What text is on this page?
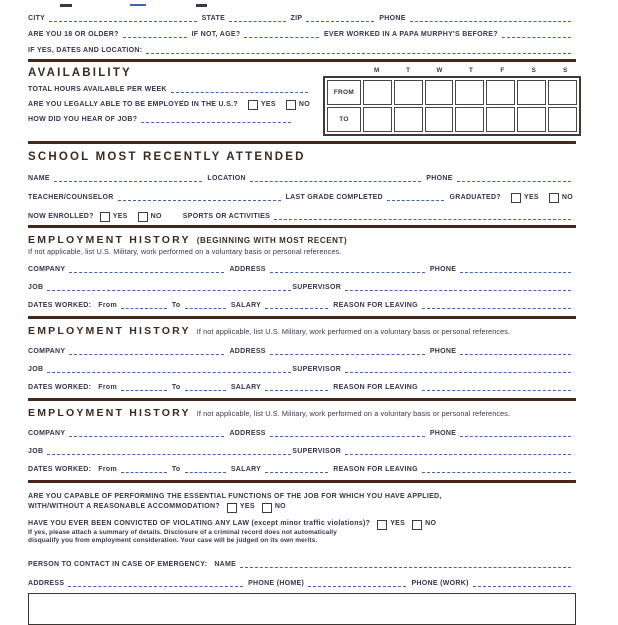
CITY	STATE	ZIP	PHONE
ARE YOU 18 OR OLDER?	IF NOT, AGE?	EVER WORKED IN A PAPA MURPHY'S BEFORE?
IF YES, DATES AND LOCATION:
AVAILABILITY
TOTAL HOURS AVAILABLE PER WEEK
ARE YOU LEGALLY ABLE TO BE EMPLOYED IN THE U.S.?	YES	NO
HOW DID YOU HEAR OF JOB?
M	T	W	T	F	S	S
FROM							
TO							
SCHOOL MOST RECENTLY ATTENDED
NAME	LOCATION	PHONE
TEACHER/COUNSELOR	LAST GRADE COMPLETED	GRADUATED?	YES	NO
NOW ENROLLED?	YES	NO	SPORTS OR ACTIVITIES
EMPLOYMENT HISTORY (BEGINNING WITH MOST RECENT)
If not applicable, list U.S. Military, work performed on a voluntary basis or personal references.
COMPANY	ADDRESS	PHONE
JOB	SUPERVISOR
DATES WORKED:	From	To	SALARY	REASON FOR LEAVING
EMPLOYMENT HISTORY If not applicable, list U.S. Military, work performed on a voluntary basis or personal references.
COMPANY	ADDRESS	PHONE
JOB	SUPERVISOR
DATES WORKED:	From	To	SALARY	REASON FOR LEAVING
EMPLOYMENT HISTORY If not applicable, list U.S. Military, work performed on a voluntary basis or personal references.
COMPANY	ADDRESS	PHONE
JOB	SUPERVISOR
DATES WORKED:	From	To	SALARY	REASON FOR LEAVING
ARE YOU CAPABLE OF PERFORMING THE ESSENTIAL FUNCTIONS OF THE JOB FOR WHICH YOU HAVE APPLIED,
WITH/WITHOUT A REASONABLE ACCOMMODATION?	YES	NO
HAVE YOU EVER BEEN CONVICTED OF VIOLATING ANY LAW (except minor traffic violations)?	YES	NO
If yes, please attach a summary of details. Disclosure of a criminal record does not automatically
disqualify you from employment consideration. Your case will be judged on its own merits.
PERSON TO CONTACT IN CASE OF EMERGENCY:	NAME
ADDRESS	PHONE (HOME)	PHONE (WORK)
